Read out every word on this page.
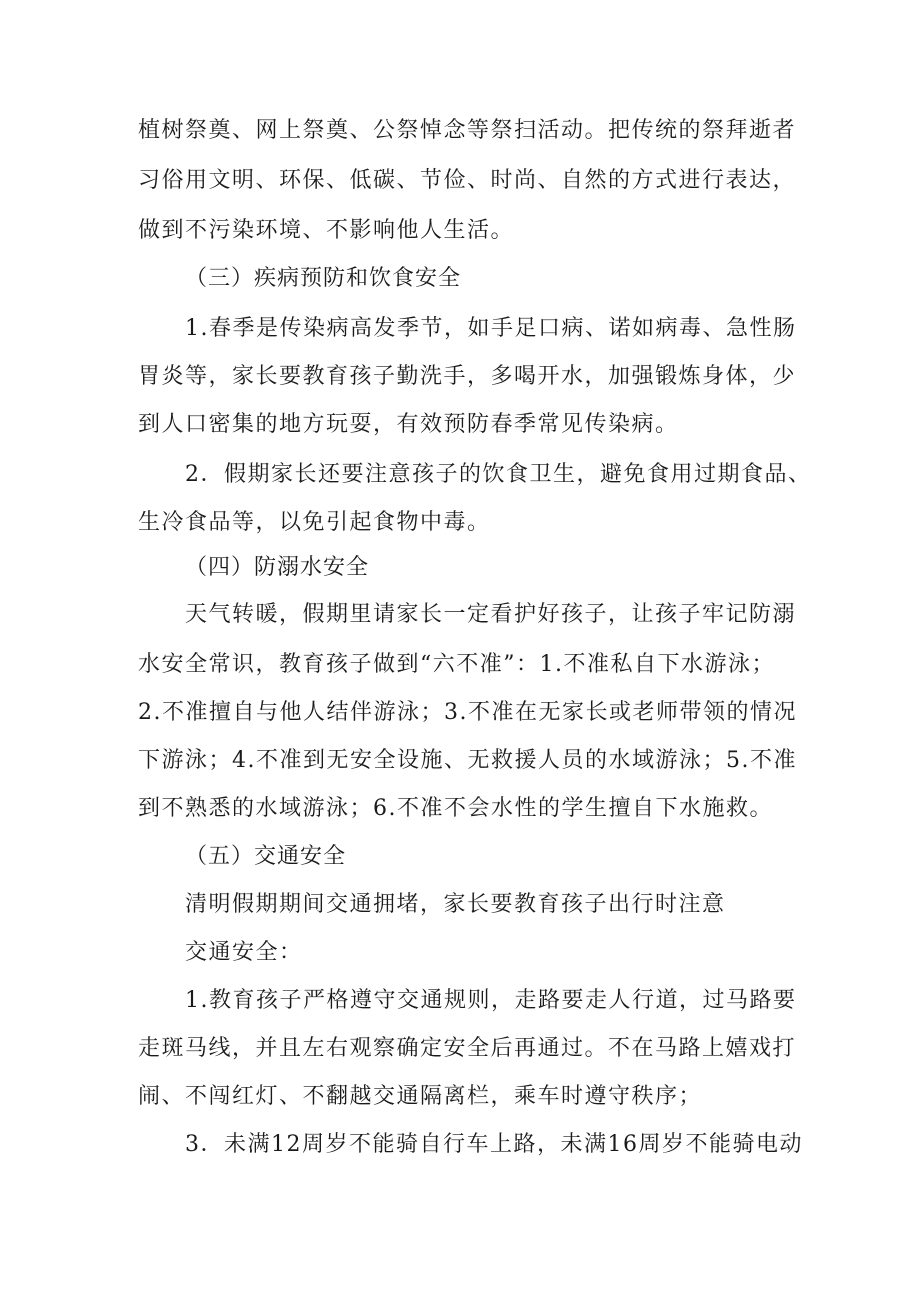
植树祭奠、网上祭奠、公祭悼念等祭扫活动。把传统的祭拜逝者
习俗用文明、环保、低碳、节俭、时尚、自然的方式进行表达，
做到不污染环境、不影响他人生活。
（三）疾病预防和饮食安全
1.春季是传染病高发季节，如手足口病、诺如病毒、急性肠
胃炎等，家长要教育孩子勤洗手，多喝开水，加强锻炼身体，少
到人口密集的地方玩耍，有效预防春季常见传染病。
2．假期家长还要注意孩子的饮食卫生，避免食用过期食品、
生冷食品等，以免引起食物中毒。
（四）防溺水安全
天气转暖，假期里请家长一定看护好孩子，让孩子牢记防溺
水安全常识，教育孩子做到“六不准”：1.不准私自下水游泳；
2.不准擅自与他人结伴游泳；3.不准在无家长或老师带领的情况
下游泳；4.不准到无安全设施、无救援人员的水域游泳；5.不准
到不熟悉的水域游泳；6.不准不会水性的学生擅自下水施救。
（五）交通安全
清明假期期间交通拥堵，家长要教育孩子出行时注意
交通安全：
1.教育孩子严格遵守交通规则，走路要走人行道，过马路要
走斑马线，并且左右观察确定安全后再通过。不在马路上嬉戏打
闹、不闯红灯、不翻越交通隔离栏，乘车时遵守秩序；
3．未满12周岁不能骑自行车上路，未满16周岁不能骑电动
